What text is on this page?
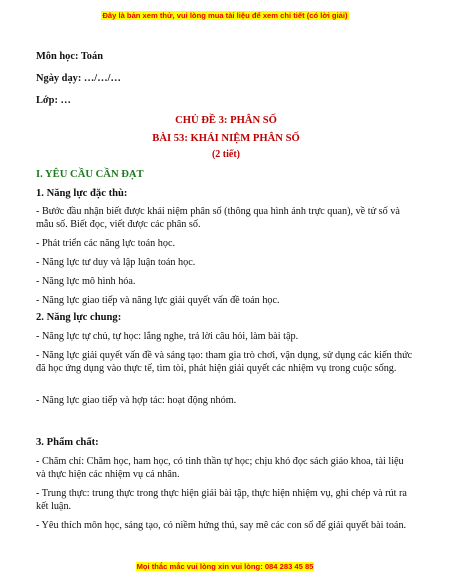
Đây là bản xem thử, vui lòng mua tài liệu để xem chi tiết (có lời giải)

Môn học: Toán

Ngày dạy: …/…/…

Lớp: …

CHỦ ĐỀ 3: PHÂN SỐ
BÀI 53: KHÁI NIỆM PHÂN SỐ
(2 tiết)
I. YÊU CẦU CẦN ĐẠT
1. Năng lực đặc thù:

- Bước đầu nhận biết được khái niệm phân số (thông qua hình ảnh trực quan), về tử số và mẫu số. Biết đọc, viết được các phân số.

- Phát triển các năng lực toán học.

- Năng lực tư duy và lập luận toán học.

- Năng lực mô hình hóa.

- Năng lực giao tiếp và năng lực giải quyết vấn đề toán học.

2. Năng lực chung:

- Năng lực tự chủ, tự học: lắng nghe, trả lời câu hỏi, làm bài tập.

- Năng lực giải quyết vấn đề và sáng tạo: tham gia trò chơi, vận dụng, sử dụng các kiến thức đã học ứng dụng vào thực tế, tìm tòi, phát hiện giải quyết các nhiệm vụ trong cuộc sống.

- Năng lực giao tiếp và hợp tác: hoạt động nhóm.

3. Phẩm chất:

- Chăm chỉ: Chăm học, ham học, có tinh thần tự học; chịu khó đọc sách giáo khoa, tài liệu và thực hiện các nhiệm vụ cá nhân.

- Trung thực: trung thực trong thực hiện giải bài tập, thực hiện nhiệm vụ, ghi chép và rút ra kết luận.

- Yêu thích môn học, sáng tạo, có niềm hứng thú, say mê các con số để giải quyết bài toán.

Mọi thắc mắc vui lòng xin vui lòng: 084 283 45 85
